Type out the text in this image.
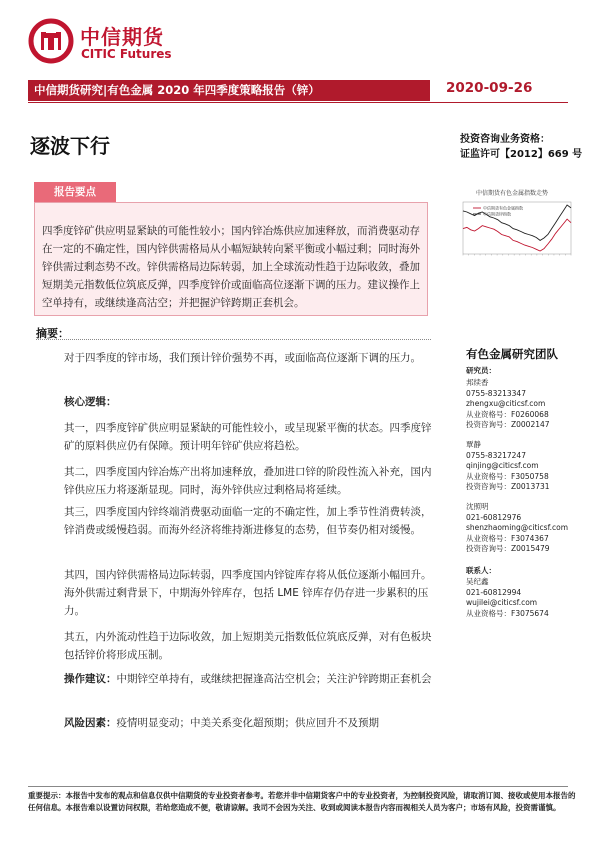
中信期货
CITIC Futures
中信期货研究|有色金属 2020 年四季度策略报告（锌）	2020-09-26
逐波下行	投资咨询业务资格：
证监许可【2012】669 号
报告要点
四季度锌矿供应明显紧缺的可能性较小；国内锌冶炼供应加速释放，而消费驱动存在一定的不确定性，国内锌供需格局从小幅短缺转向紧平衡或小幅过剩；同时海外锌供需过剩态势不改。锌供需格局边际转弱，加上全球流动性趋于边际收敛，叠加短期美元指数低位筑底反弹，四季度锌价或面临高位逐渐下调的压力。建议操作上空单持有，或继续逢高沽空；并把握沪锌跨期正套机会。
中信期货有色金属指数走势
中信期货有色金属指数
中信期货锌指数
摘要：
对于四季度的锌市场，我们预计锌价强势不再，或面临高位逐渐下调的压力。
核心逻辑：
其一，四季度锌矿供应明显紧缺的可能性较小，或呈现紧平衡的状态。四季度锌矿的原料供应仍有保障。预计明年锌矿供应将趋松。
其二，四季度国内锌冶炼产出将加速释放，叠加进口锌的阶段性流入补充，国内锌供应压力将逐渐显现。同时，海外锌供应过剩格局将延续。
其三，四季度国内锌终端消费驱动面临一定的不确定性，加上季节性消费转淡，锌消费或缓慢趋弱。而海外经济将维持渐进修复的态势，但节奏仍相对缓慢。
其四，国内锌供需格局边际转弱，四季度国内锌锭库存将从低位逐渐小幅回升。海外供需过剩背景下，中期海外锌库存，包括 LME 锌库存仍存进一步累积的压力。
其五，内外流动性趋于边际收敛，加上短期美元指数低位筑底反弹，对有色板块包括锌价将形成压制。
操作建议：中期锌空单持有，或继续把握逢高沽空机会；关注沪锌跨期正套机会
风险因素：疫情明显变动；中美关系变化超预期；供应回升不及预期
有色金属研究团队
研究员：
邦续香
0755-83213347
zhengxu@citicsf.com
从业资格号：F0260068
投资咨询号：Z0002147
覃静
0755-83217247
qinjing@citicsf.com
从业资格号：F3050758
投资咨询号：Z0013731
沈照明
021-60812976
shenzhaoming@citicsf.com
从业资格号：F3074367
投资咨询号：Z0015479
联系人：
吴纪鑫
021-60812994
wujilei@citicsf.com
从业资格号：F3075674
重要提示：本报告中发布的观点和信息仅供中信期货的专业投资者参考。若您并非中信期货客户中的专业投资者，为控制投资风险，请取消订阅、接收或使用本报告的任何信息。本报告难以设置访问权限，若给您造成不便，敬请谅解。我司不会因为关注、收到或阅读本报告内容而视相关人员为客户；市场有风险，投资需谨慎。
